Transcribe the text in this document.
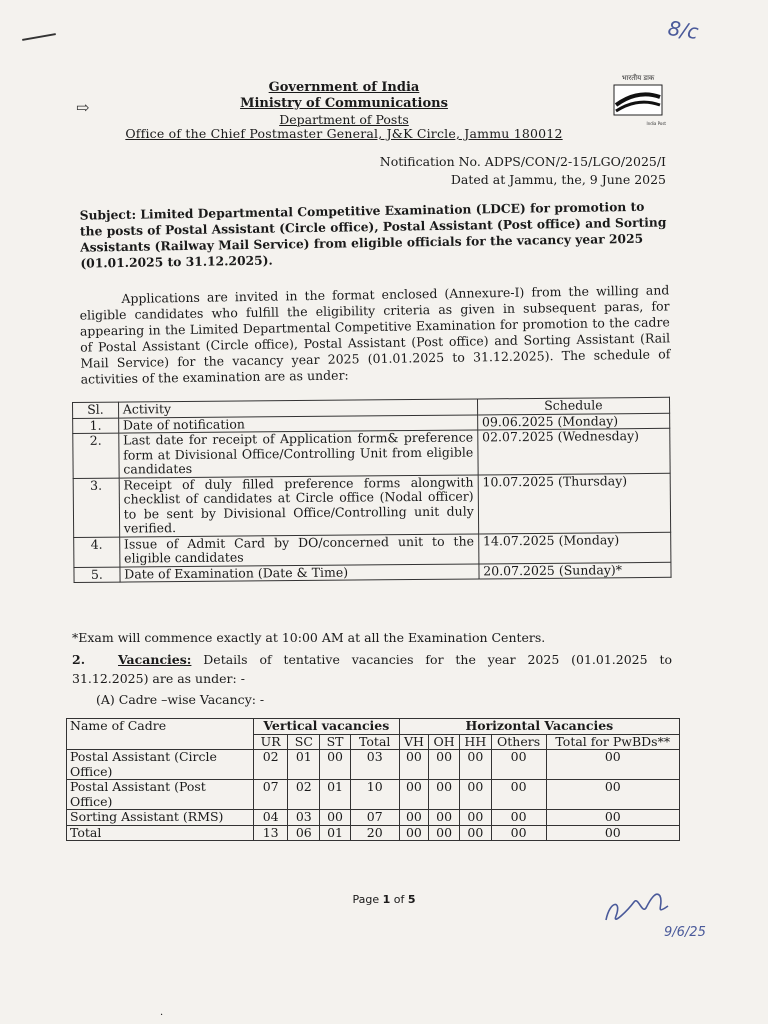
8/c
⇨
भारतीय डाक
India Post
Government of India
Ministry of Communications
Department of Posts
Office of the Chief Postmaster General, J&K Circle, Jammu 180012
Notification No. ADPS/CON/2-15/LGO/2025/I
Dated at Jammu, the, 9 June 2025
Subject: Limited Departmental Competitive Examination (LDCE) for promotion to the posts of Postal Assistant (Circle office), Postal Assistant (Post office) and Sorting Assistants (Railway Mail Service) from eligible officials for the vacancy year 2025 (01.01.2025 to 31.12.2025).
Applications are invited in the format enclosed (Annexure-I) from the willing and eligible candidates who fulfill the eligibility criteria as given in subsequent paras, for appearing in the Limited Departmental Competitive Examination for promotion to the cadre of Postal Assistant (Circle office), Postal Assistant (Post office) and Sorting Assistant (Rail Mail Service) for the vacancy year 2025 (01.01.2025 to 31.12.2025). The schedule of activities of the examination are as under:
Sl.	Activity	Schedule
1.	Date of notification	09.06.2025 (Monday)
2.	Last date for receipt of Application form& preference form at Divisional Office/Controlling Unit from eligible candidates	02.07.2025 (Wednesday)
3.	Receipt of duly filled preference forms alongwith checklist of candidates at Circle office (Nodal officer) to be sent by Divisional Office/Controlling unit duly verified.	10.07.2025 (Thursday)
4.	Issue of Admit Card by DO/concerned unit to the eligible candidates	14.07.2025 (Monday)
5.	Date of Examination (Date & Time)	20.07.2025 (Sunday)*
*Exam will commence exactly at 10:00 AM at all the Examination Centers.
2.	Vacancies: Details of tentative vacancies for the year 2025 (01.01.2025 to 31.12.2025) are as under: -
(A) Cadre –wise Vacancy: -
Name of Cadre	Vertical vacancies				Horizontal Vacancies				
	UR	SC	ST	Total	VH	OH	HH	Others	Total for PwBDs**
Postal Assistant (Circle Office)	02	01	00	03	00	00	00	00	00
Postal Assistant (Post Office)	07	02	01	10	00	00	00	00	00
Sorting Assistant (RMS)	04	03	00	07	00	00	00	00	00
Total	13	06	01	20	00	00	00	00	00
Page 1 of 5
9/6/25
·
